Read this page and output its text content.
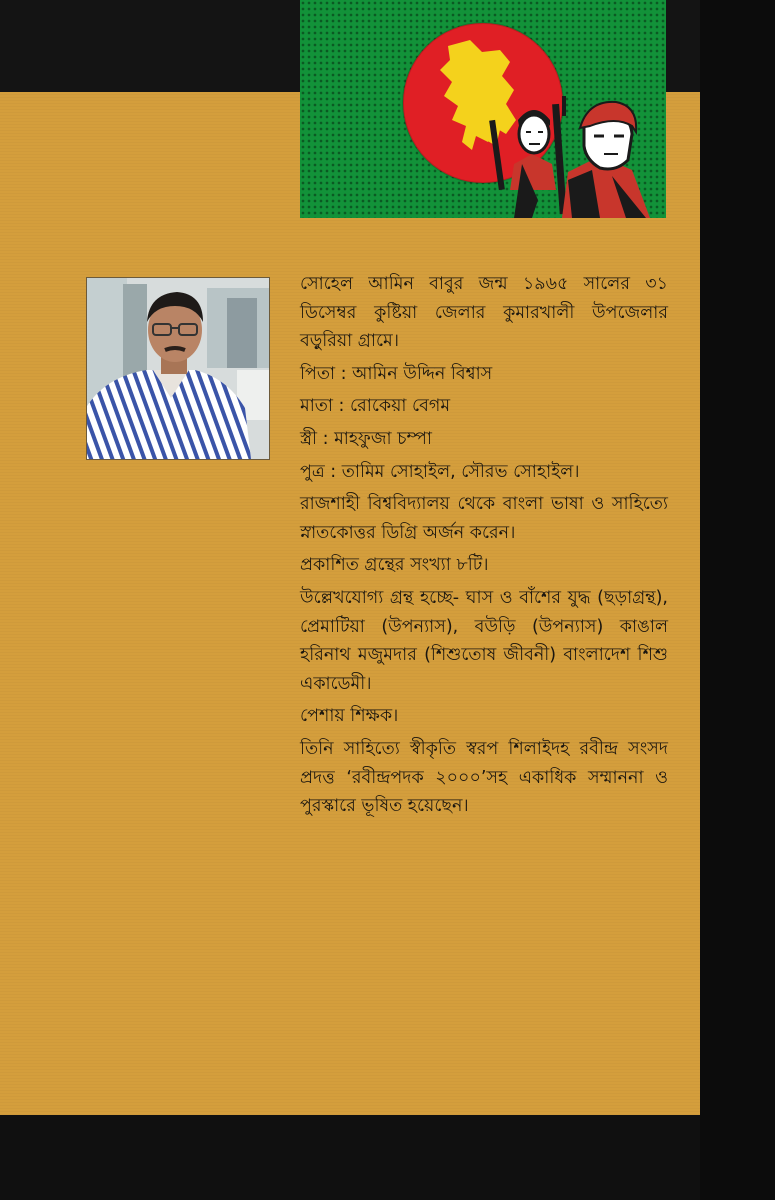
সোহেল আমিন বাবুর জন্ম ১৯৬৫ সালের ৩১ ডিসেম্বর কুষ্টিয়া জেলার কুমারখালী উপজেলার বড়ুরিয়া গ্রামে।

পিতা : আমিন উদ্দিন বিশ্বাস

মাতা : রোকেয়া বেগম

স্ত্রী : মাহফুজা চম্পা

পুত্র : তামিম সোহাইল, সৌরভ সোহাইল।

রাজশাহী বিশ্ববিদ্যালয় থেকে বাংলা ভাষা ও সাহিত্যে স্নাতকোত্তর ডিগ্রি অর্জন করেন।

প্রকাশিত গ্রন্থের সংখ্যা ৮টি।

উল্লেখযোগ্য গ্রন্থ হচ্ছে- ঘাস ও বাঁশের যুদ্ধ (ছড়াগ্রন্থ), প্রেমাটিয়া (উপন্যাস), বউড়ি (উপন্যাস) কাঙাল হরিনাথ মজুমদার (শিশুতোষ জীবনী) বাংলাদেশ শিশু একাডেমী।

পেশায় শিক্ষক।

তিনি সাহিত্যে স্বীকৃতি স্বরপ শিলাইদহ রবীন্দ্র সংসদ প্রদত্ত ‘রবীন্দ্রপদক ২০০০’সহ একাধিক সম্মাননা ও পুরস্কারে ভূষিত হয়েছেন।
